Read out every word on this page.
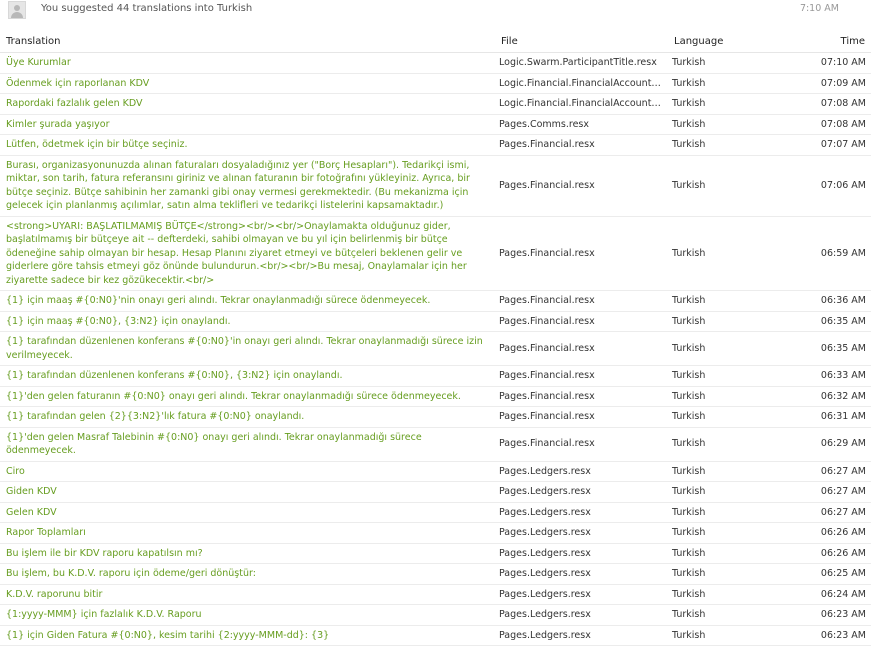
You suggested 44 translations into Turkish	7:10 AM
Translation	File	Language	Time
Üye Kurumlar	Logic.Swarm.ParticipantTitle.resx	Turkish	07:10 AM
Ödenmek için raporlanan KDV	Logic.Financial.FinancialAccount…	Turkish	07:09 AM
Rapordaki fazlalık gelen KDV	Logic.Financial.FinancialAccount…	Turkish	07:08 AM
Kimler şurada yaşıyor	Pages.Comms.resx	Turkish	07:08 AM
Lütfen, ödetmek için bir bütçe seçiniz.	Pages.Financial.resx	Turkish	07:07 AM
Burası, organizasyonunuzda alınan faturaları dosyaladığınız yer ("Borç Hesapları"). Tedarikçi ismi, miktar, son tarih, fatura referansını giriniz ve alınan faturanın bir fotoğrafını yükleyiniz. Ayrıca, bir bütçe seçiniz. Bütçe sahibinin her zamanki gibi onay vermesi gerekmektedir. (Bu mekanizma için gelecek için planlanmış açılımlar, satın alma teklifleri ve tedarikçi listelerini kapsamaktadır.)	Pages.Financial.resx	Turkish	07:06 AM
<strong>UYARI: BAŞLATILMAMIŞ BÜTÇE</strong><br/><br/>Onaylamakta olduğunuz gider, başlatılmamış bir bütçeye ait -- defterdeki, sahibi olmayan ve bu yıl için belirlenmiş bir bütçe ödeneğine sahip olmayan bir hesap. Hesap Planını ziyaret etmeyi ve bütçeleri beklenen gelir ve giderlere göre tahsis etmeyi göz önünde bulundurun.<br/><br/>Bu mesaj, Onaylamalar için her ziyarette sadece bir kez gözükecektir.<br/>	Pages.Financial.resx	Turkish	06:59 AM
{1} için maaş #{0:N0}'nin onayı geri alındı. Tekrar onaylanmadığı sürece ödenmeyecek.	Pages.Financial.resx	Turkish	06:36 AM
{1} için maaş #{0:N0}, {3:N2} için onaylandı.	Pages.Financial.resx	Turkish	06:35 AM
{1} tarafından düzenlenen konferans #{0:N0}'in onayı geri alındı. Tekrar onaylanmadığı sürece izin verilmeyecek.	Pages.Financial.resx	Turkish	06:35 AM
{1} tarafından düzenlenen konferans #{0:N0}, {3:N2} için onaylandı.	Pages.Financial.resx	Turkish	06:33 AM
{1}'den gelen faturanın #{0:N0} onayı geri alındı. Tekrar onaylanmadığı sürece ödenmeyecek.	Pages.Financial.resx	Turkish	06:32 AM
{1} tarafından gelen {2}{3:N2}'lık fatura #{0:N0} onaylandı.	Pages.Financial.resx	Turkish	06:31 AM
{1}'den gelen Masraf Talebinin #{0:N0} onayı geri alındı. Tekrar onaylanmadığı sürece ödenmeyecek.	Pages.Financial.resx	Turkish	06:29 AM
Ciro	Pages.Ledgers.resx	Turkish	06:27 AM
Giden KDV	Pages.Ledgers.resx	Turkish	06:27 AM
Gelen KDV	Pages.Ledgers.resx	Turkish	06:27 AM
Rapor Toplamları	Pages.Ledgers.resx	Turkish	06:26 AM
Bu işlem ile bir KDV raporu kapatılsın mı?	Pages.Ledgers.resx	Turkish	06:26 AM
Bu işlem, bu K.D.V. raporu için ödeme/geri dönüştür:	Pages.Ledgers.resx	Turkish	06:25 AM
K.D.V. raporunu bitir	Pages.Ledgers.resx	Turkish	06:24 AM
{1:yyyy-MMM} için fazlalık K.D.V. Raporu	Pages.Ledgers.resx	Turkish	06:23 AM
{1} için Giden Fatura #{0:N0}, kesim tarihi {2:yyyy-MMM-dd}: {3}	Pages.Ledgers.resx	Turkish	06:23 AM
